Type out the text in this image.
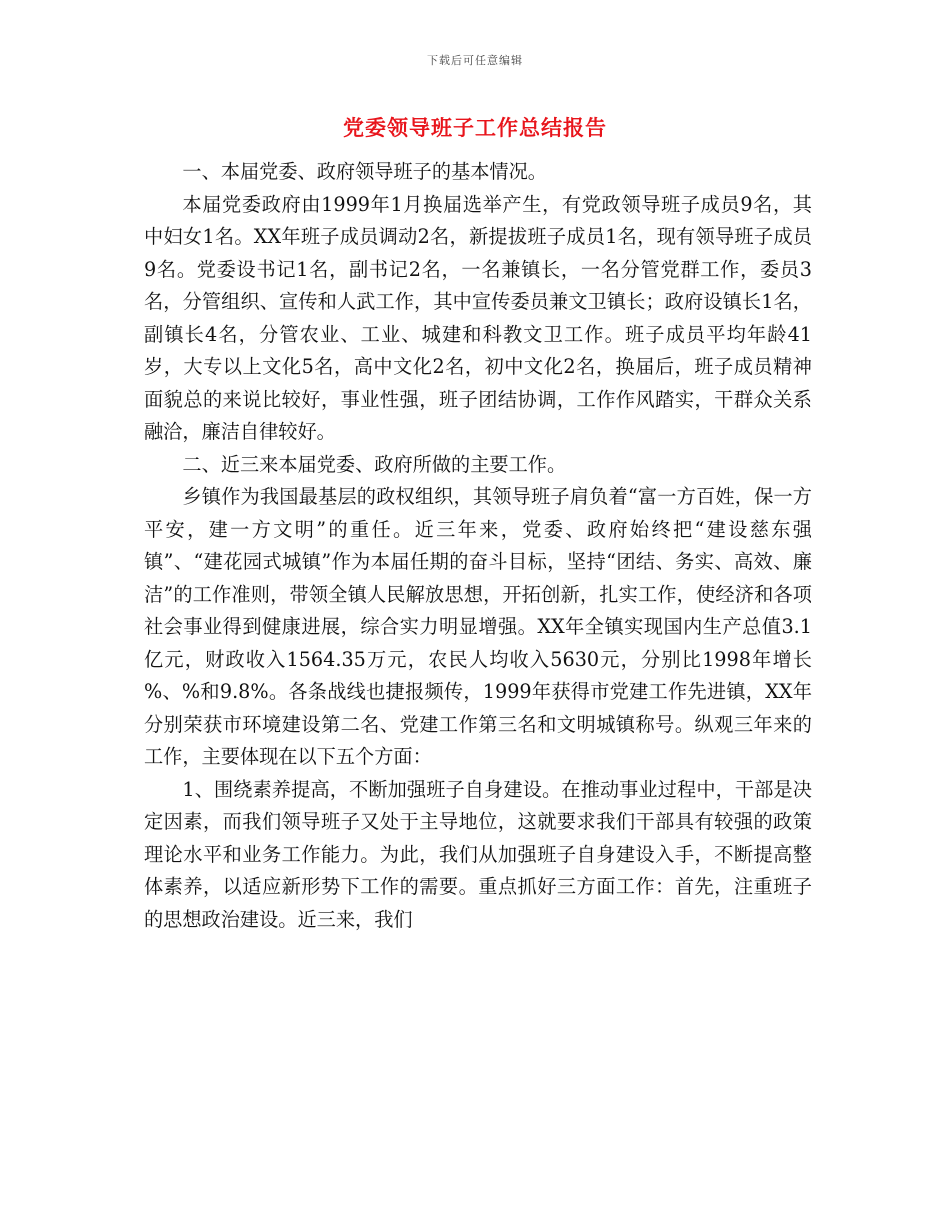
下载后可任意编辑
党委领导班子工作总结报告

一、本届党委、政府领导班子的基本情况。

本届党委政府由1999年1月换届选举产生，有党政领导班子成员9名，其中妇女1名。XX年班子成员调动2名，新提拔班子成员1名，现有领导班子成员9名。党委设书记1名，副书记2名，一名兼镇长，一名分管党群工作，委员3名，分管组织、宣传和人武工作，其中宣传委员兼文卫镇长；政府设镇长1名，副镇长4名，分管农业、工业、城建和科教文卫工作。班子成员平均年龄41岁，大专以上文化5名，高中文化2名，初中文化2名，换届后，班子成员精神面貌总的来说比较好，事业性强，班子团结协调，工作作风踏实，干群众关系融洽，廉洁自律较好。

二、近三来本届党委、政府所做的主要工作。

乡镇作为我国最基层的政权组织，其领导班子肩负着“富一方百姓，保一方平安，建一方文明”的重任。近三年来，党委、政府始终把“建设慈东强镇”、“建花园式城镇”作为本届任期的奋斗目标，坚持“团结、务实、高效、廉洁”的工作准则，带领全镇人民解放思想，开拓创新，扎实工作，使经济和各项社会事业得到健康进展，综合实力明显增强。XX年全镇实现国内生产总值3.1亿元，财政收入1564.35万元，农民人均收入5630元，分别比1998年增长 %、%和9.8%。各条战线也捷报频传，1999年获得市党建工作先进镇，XX年分别荣获市环境建设第二名、党建工作第三名和文明城镇称号。纵观三年来的工作，主要体现在以下五个方面：

1、围绕素养提高，不断加强班子自身建设。在推动事业过程中，干部是决定因素，而我们领导班子又处于主导地位，这就要求我们干部具有较强的政策理论水平和业务工作能力。为此，我们从加强班子自身建设入手，不断提高整体素养，以适应新形势下工作的需要。重点抓好三方面工作：首先，注重班子的思想政治建设。近三来，我们
